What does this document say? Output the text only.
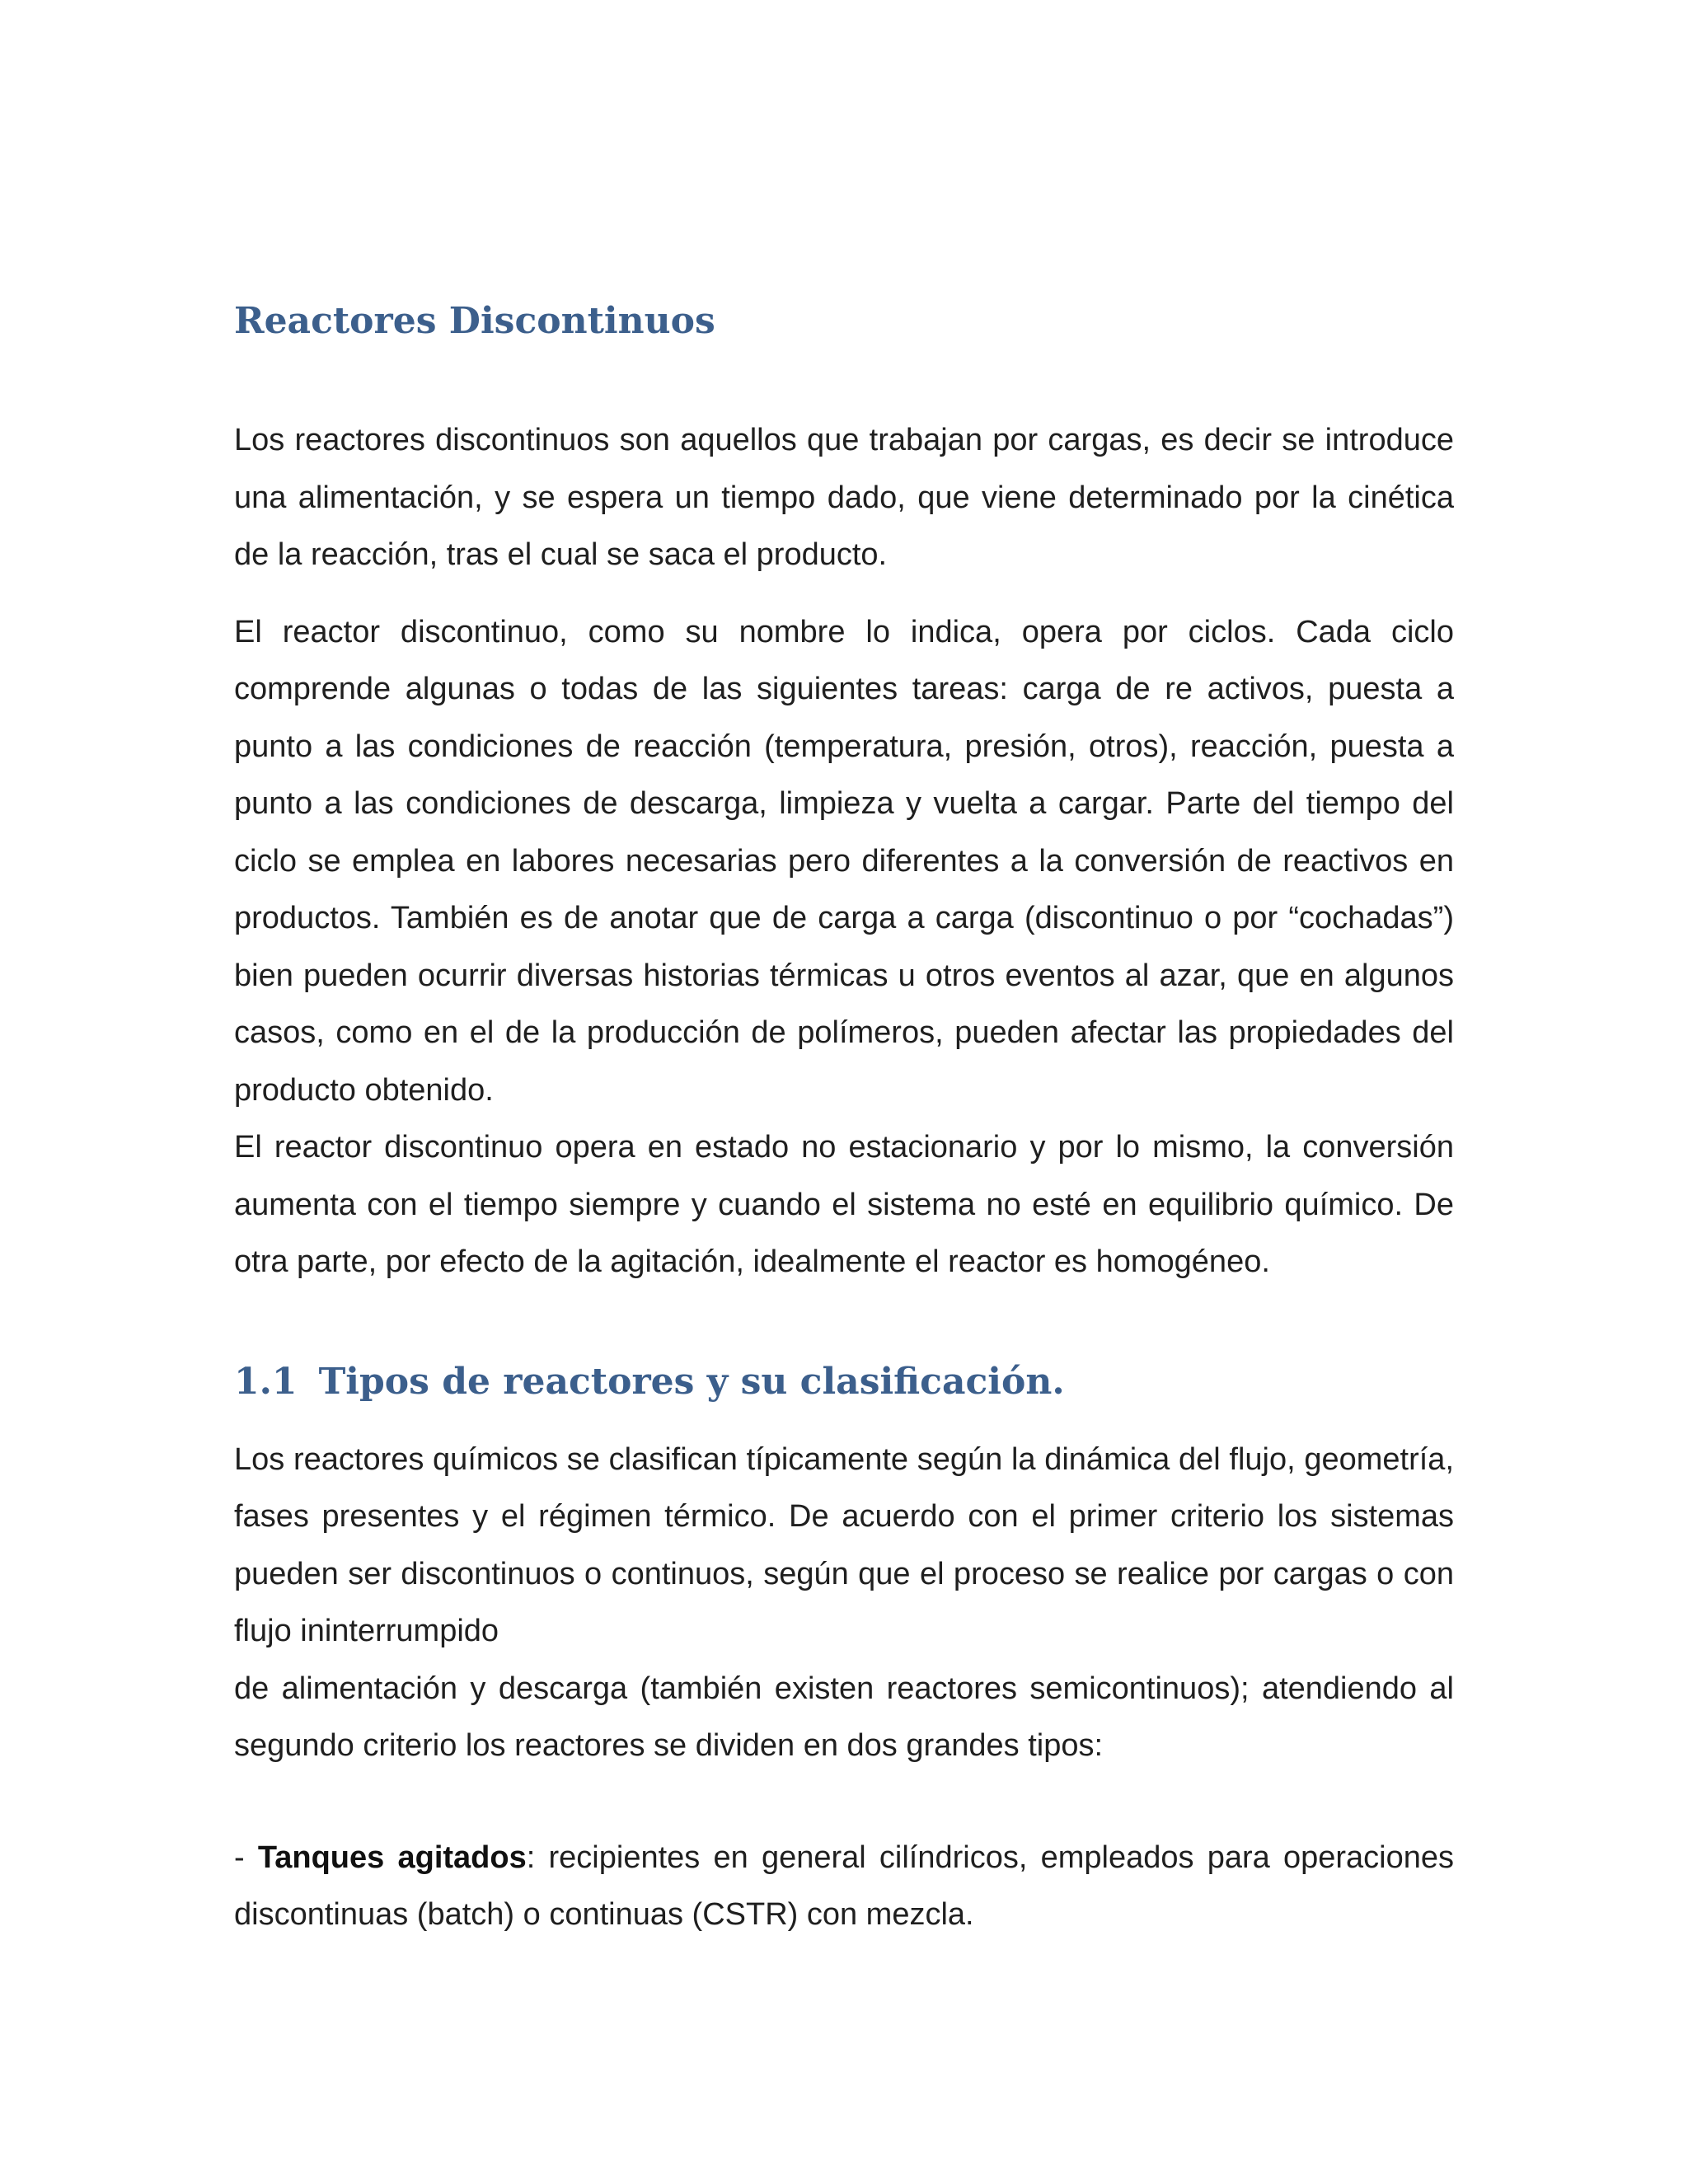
Reactores Discontinuos

Los reactores discontinuos son aquellos que trabajan por cargas, es decir se introduce una alimentación, y se espera un tiempo dado, que viene determinado por la cinética de la reacción, tras el cual se saca el producto.

El reactor discontinuo, como su nombre lo indica, opera por ciclos. Cada ciclo comprende algunas o todas de las siguientes tareas: carga de re activos, puesta a punto a las condiciones de reacción (temperatura, presión, otros), reacción, puesta a punto a las condiciones de descarga, limpieza y vuelta a cargar. Parte del tiempo del ciclo se emplea en labores necesarias pero diferentes a la conversión de reactivos en productos. También es de anotar que de carga a carga (discontinuo o por “cochadas”) bien pueden ocurrir diversas historias térmicas u otros eventos al azar, que en algunos casos, como en el de la producción de polímeros, pueden afectar las propiedades del producto obtenido.

El reactor discontinuo opera en estado no estacionario y por lo mismo, la conversión aumenta con el tiempo siempre y cuando el sistema no esté en equilibrio químico. De otra parte, por efecto de la agitación, idealmente el reactor es homogéneo.

1.1 Tipos de reactores y su clasificación.

Los reactores químicos se clasifican típicamente según la dinámica del flujo, geometría, fases presentes y el régimen térmico. De acuerdo con el primer criterio los sistemas pueden ser discontinuos o continuos, según que el proceso se realice por cargas o con flujo ininterrumpido

de alimentación y descarga (también existen reactores semicontinuos); atendiendo al segundo criterio los reactores se dividen en dos grandes tipos:

- Tanques agitados: recipientes en general cilíndricos, empleados para operaciones discontinuas (batch) o continuas (CSTR) con mezcla.
